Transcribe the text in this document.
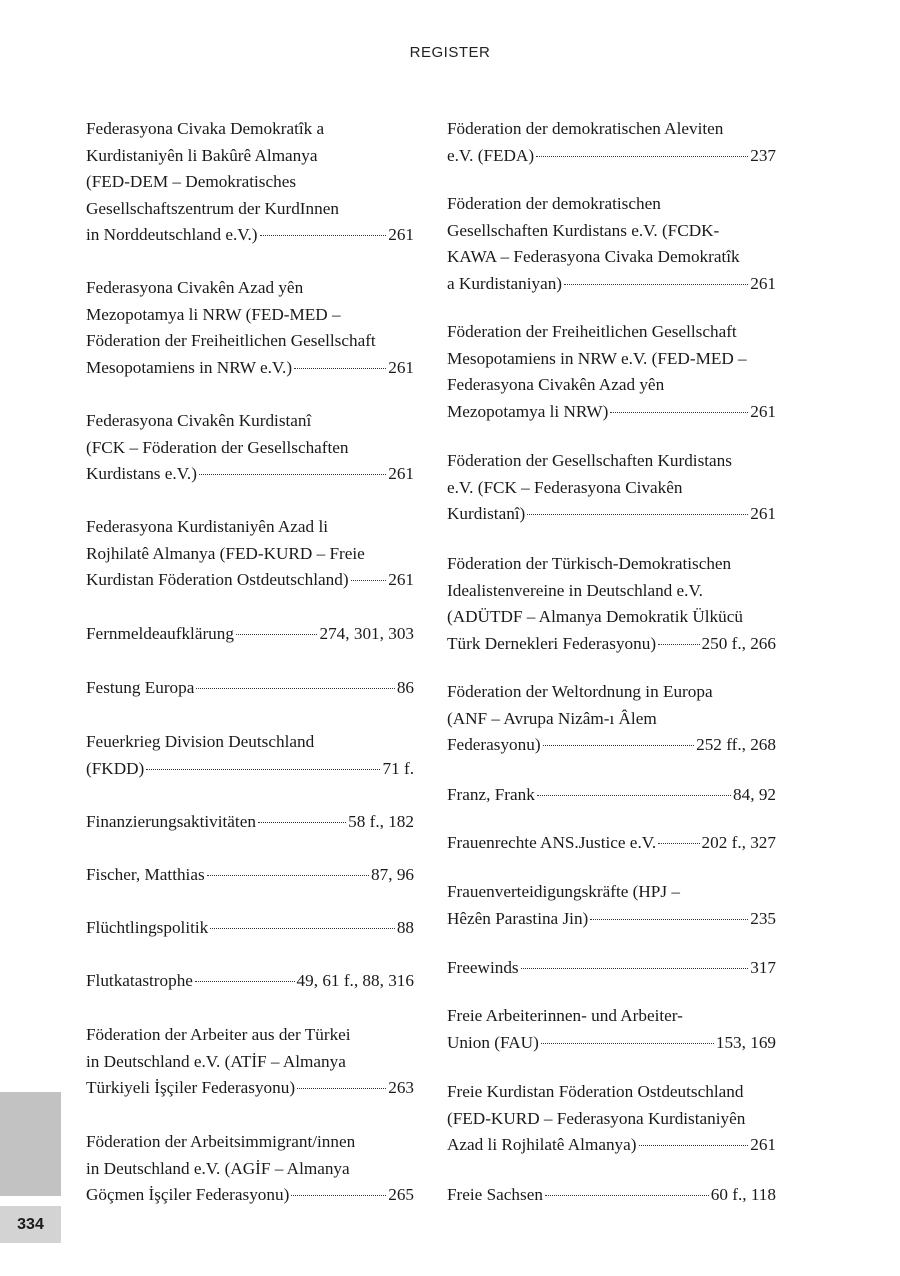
REGISTER
Federasyona Civaka Demokratîk a
Kurdistaniyên li Bakûrê Almanya
(FED-DEM – Demokratisches
Gesellschaftszentrum der KurdInnen
in Norddeutschland e.V.)	261
Federasyona Civakên Azad yên
Mezopotamya li NRW (FED-MED –
Föderation der Freiheitlichen Gesellschaft
Mesopotamiens in NRW e.V.)	261
Federasyona Civakên Kurdistanî
(FCK – Föderation der Gesellschaften
Kurdistans e.V.)	261
Federasyona Kurdistaniyên Azad li
Rojhilatê Almanya (FED-KURD – Freie
Kurdistan Föderation Ostdeutschland) 261
Fernmeldeaufklärung	274, 301, 303
Festung Europa	86
Feuerkrieg Division Deutschland
(FKDD)	71 f.
Finanzierungsaktivitäten	58 f., 182
Fischer, Matthias	87, 96
Flüchtlingspolitik	88
Flutkatastrophe	49, 61 f., 88, 316
Föderation der Arbeiter aus der Türkei
in Deutschland e.V. (ATİF – Almanya
Türkiyeli İşçiler Federasyonu)	263
Föderation der Arbeitsimmigrant/innen
in Deutschland e.V. (AGİF – Almanya
Göçmen İşçiler Federasyonu)	265
Föderation der demokratischen Aleviten
e.V. (FEDA)	237
Föderation der demokratischen
Gesellschaften Kurdistans e.V. (FCDK-
KAWA – Federasyona Civaka Demokratîk
a Kurdistaniyan)	261
Föderation der Freiheitlichen Gesellschaft
Mesopotamiens in NRW e.V. (FED-MED –
Federasyona Civakên Azad yên
Mezopotamya li NRW)	261
Föderation der Gesellschaften Kurdistans
e.V. (FCK – Federasyona Civakên
Kurdistanî)	261
Föderation der Türkisch-Demokratischen
Idealistenvereine in Deutschland e.V.
(ADÜTDF – Almanya Demokratik Ülkücü
Türk Dernekleri Federasyonu)	250 f., 266
Föderation der Weltordnung in Europa
(ANF – Avrupa Nizâm-ı Âlem
Federasyonu)	252 ff., 268
Franz, Frank	84, 92
Frauenrechte ANS.Justice e.V.	202 f., 327
Frauenverteidigungskräfte (HPJ –
Hêzên Parastina Jin)	235
Freewinds	317
Freie Arbeiterinnen- und Arbeiter-
Union (FAU)	153, 169
Freie Kurdistan Föderation Ostdeutschland
(FED-KURD – Federasyona Kurdistaniyên
Azad li Rojhilatê Almanya)	261
Freie Sachsen	60 f., 118
334
